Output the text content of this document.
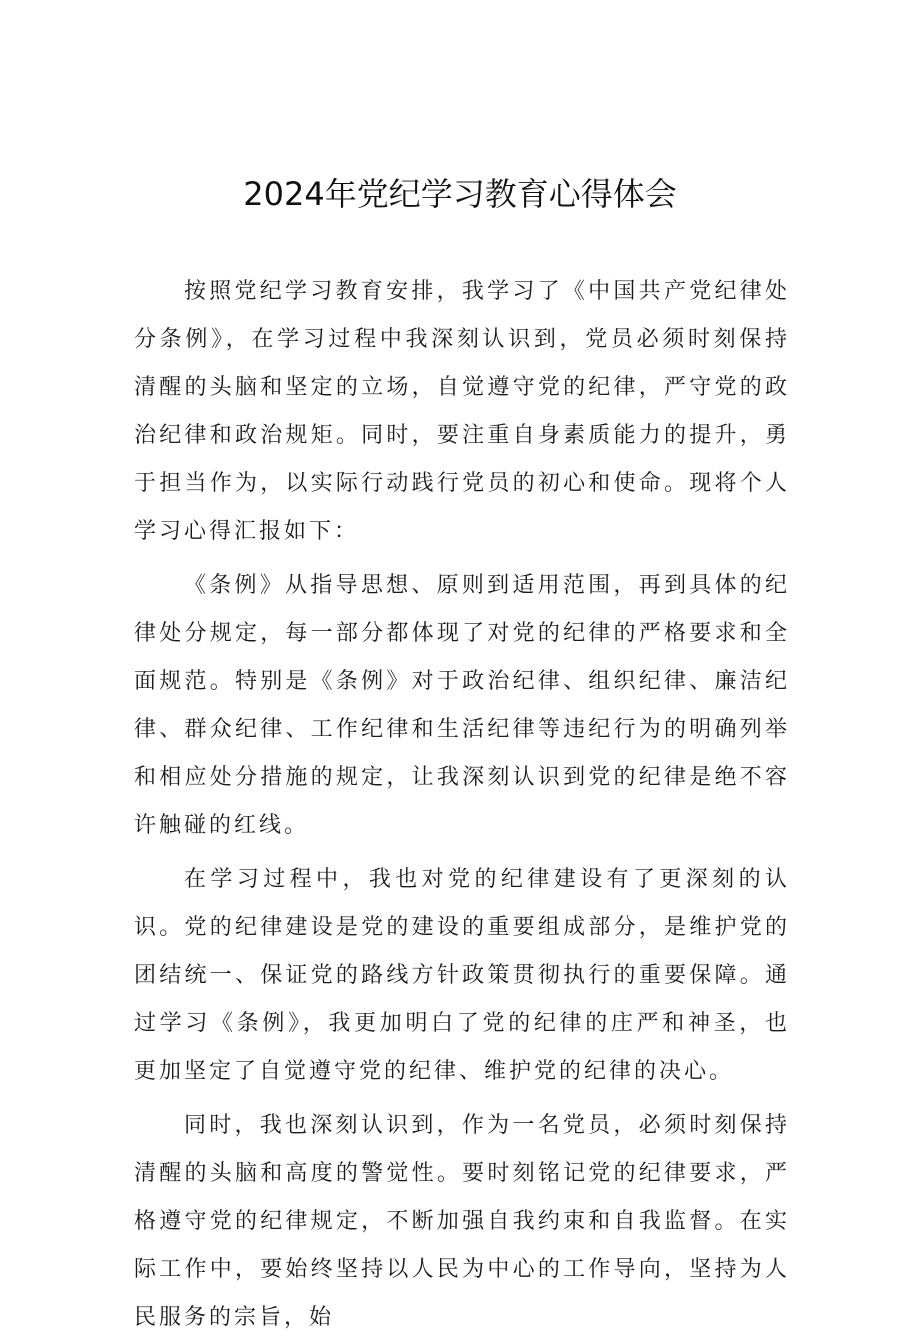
2024年党纪学习教育心得体会

按照党纪学习教育安排，我学习了《中国共产党纪律处分条例》，在学习过程中我深刻认识到，党员必须时刻保持清醒的头脑和坚定的立场，自觉遵守党的纪律，严守党的政治纪律和政治规矩。同时，要注重自身素质能力的提升，勇于担当作为，以实际行动践行党员的初心和使命。现将个人学习心得汇报如下：

《条例》从指导思想、原则到适用范围，再到具体的纪律处分规定，每一部分都体现了对党的纪律的严格要求和全面规范。特别是《条例》对于政治纪律、组织纪律、廉洁纪律、群众纪律、工作纪律和生活纪律等违纪行为的明确列举和相应处分措施的规定，让我深刻认识到党的纪律是绝不容许触碰的红线。

在学习过程中，我也对党的纪律建设有了更深刻的认识。党的纪律建设是党的建设的重要组成部分，是维护党的团结统一、保证党的路线方针政策贯彻执行的重要保障。通过学习《条例》，我更加明白了党的纪律的庄严和神圣，也更加坚定了自觉遵守党的纪律、维护党的纪律的决心。

同时，我也深刻认识到，作为一名党员，必须时刻保持清醒的头脑和高度的警觉性。要时刻铭记党的纪律要求，严格遵守党的纪律规定，不断加强自我约束和自我监督。在实际工作中，要始终坚持以人民为中心的工作导向，坚持为人民服务的宗旨，始
